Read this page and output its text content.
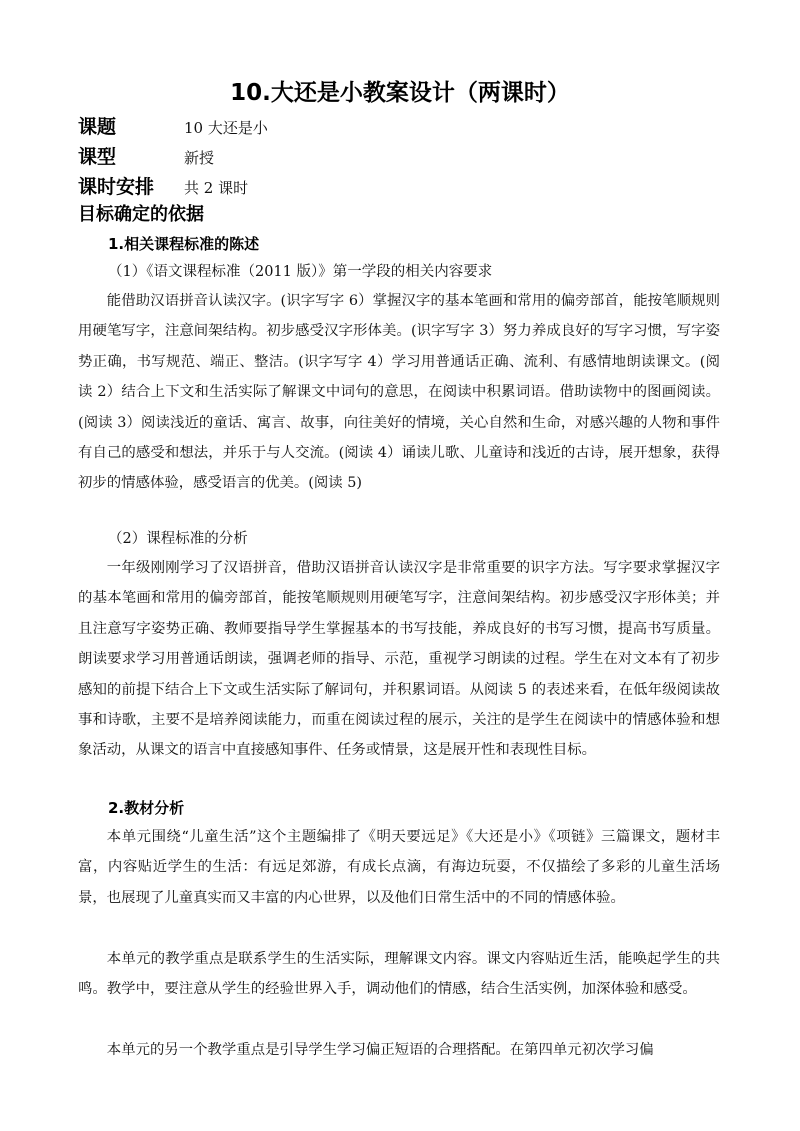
10.大还是小教案设计（两课时）
课题	10 大还是小
课型	新授
课时安排 共 2 课时
目标确定的依据
1.相关课程标准的陈述
（1）《语文课程标准（2011 版）》第一学段的相关内容要求

能借助汉语拼音认读汉字。(识字写字 6）掌握汉字的基本笔画和常用的偏旁部首，能按笔顺规则用硬笔写字，注意间架结构。初步感受汉字形体美。(识字写字 3）努力养成良好的写字习惯，写字姿势正确，书写规范、端正、整洁。(识字写字 4）学习用普通话正确、流利、有感情地朗读课文。(阅读 2）结合上下文和生活实际了解课文中词句的意思，在阅读中积累词语。借助读物中的图画阅读。(阅读 3）阅读浅近的童话、寓言、故事，向往美好的情境，关心自然和生命，对感兴趣的人物和事件有自己的感受和想法，并乐于与人交流。(阅读 4）诵读儿歌、儿童诗和浅近的古诗，展开想象，获得初步的情感体验，感受语言的优美。(阅读 5)

（2）课程标准的分析

一年级刚刚学习了汉语拼音，借助汉语拼音认读汉字是非常重要的识字方法。写字要求掌握汉字的基本笔画和常用的偏旁部首，能按笔顺规则用硬笔写字，注意间架结构。初步感受汉字形体美；并且注意写字姿势正确、教师要指导学生掌握基本的书写技能，养成良好的书写习惯，提高书写质量。朗读要求学习用普通话朗读，强调老师的指导、示范，重视学习朗读的过程。学生在对文本有了初步感知的前提下结合上下文或生活实际了解词句，并积累词语。从阅读 5 的表述来看，在低年级阅读故事和诗歌，主要不是培养阅读能力，而重在阅读过程的展示，关注的是学生在阅读中的情感体验和想象活动，从课文的语言中直接感知事件、任务或情景，这是展开性和表现性目标。

2.教材分析

本单元围绕“儿童生活”这个主题编排了《明天要远足》《大还是小》《项链》三篇课文，题材丰富，内容贴近学生的生活：有远足郊游，有成长点滴，有海边玩耍，不仅描绘了多彩的儿童生活场景，也展现了儿童真实而又丰富的内心世界，以及他们日常生活中的不同的情感体验。

本单元的教学重点是联系学生的生活实际，理解课文内容。课文内容贴近生活，能唤起学生的共鸣。教学中，要注意从学生的经验世界入手，调动他们的情感，结合生活实例，加深体验和感受。

本单元的另一个教学重点是引导学生学习偏正短语的合理搭配。在第四单元初次学习偏
